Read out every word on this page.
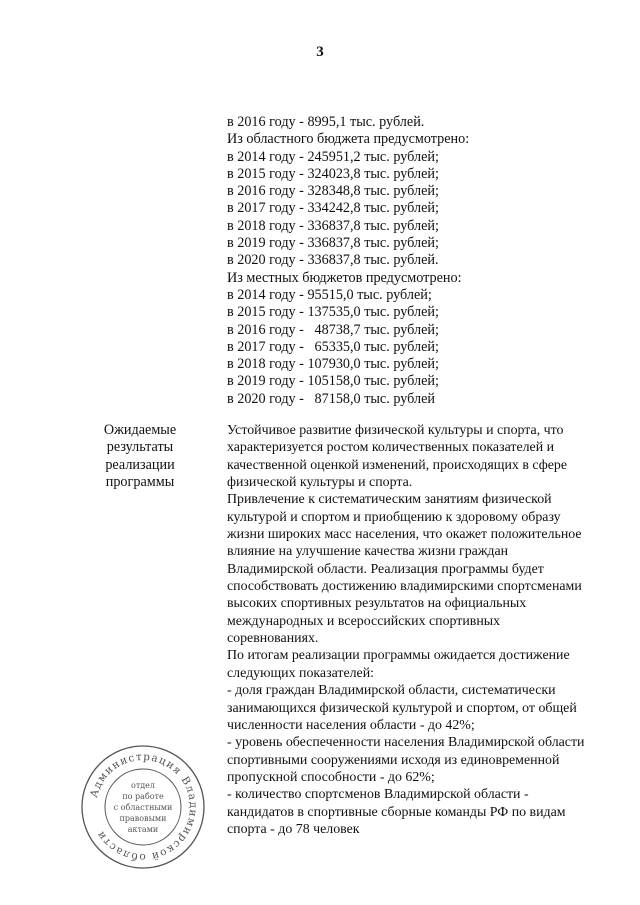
3
в 2016 году - 8995,1 тыс. рублей.
Из областного бюджета предусмотрено:
в 2014 году - 245951,2 тыс. рублей;
в 2015 году - 324023,8 тыс. рублей;
в 2016 году - 328348,8 тыс. рублей;
в 2017 году - 334242,8 тыс. рублей;
в 2018 году - 336837,8 тыс. рублей;
в 2019 году - 336837,8 тыс. рублей;
в 2020 году - 336837,8 тыс. рублей.
Из местных бюджетов предусмотрено:
в 2014 году - 95515,0 тыс. рублей;
в 2015 году - 137535,0 тыс. рублей;
в 2016 году -   48738,7 тыс. рублей;
в 2017 году -   65335,0 тыс. рублей;
в 2018 году - 107930,0 тыс. рублей;
в 2019 году - 105158,0 тыс. рублей;
в 2020 году -   87158,0 тыс. рублей
Ожидаемые
результаты
реализации
программы
Устойчивое развитие физической культуры и спорта, что
характеризуется ростом количественных показателей и
качественной оценкой изменений, происходящих в сфере
физической культуры и спорта.
Привлечение к систематическим занятиям физической
культурой и спортом и приобщению к здоровому образу
жизни широких масс населения, что окажет положительное
влияние на улучшение качества жизни граждан
Владимирской области. Реализация программы будет
способствовать достижению владимирскими спортсменами
высоких спортивных результатов на официальных
международных и всероссийских спортивных
соревнованиях.
По итогам реализации программы ожидается достижение
следующих показателей:
- доля граждан Владимирской области, систематически
занимающихся физической культурой и спортом, от общей
численности населения области - до 42%;
- уровень обеспеченности населения Владимирской области
спортивными сооружениями исходя из единовременной
пропускной способности - до 62%;
- количество спортсменов Владимирской области -
кандидатов в спортивные сборные команды РФ по видам
спорта - до 78 человек
Администрация Владимирской области
отдел
по работе
с областными
правовыми
актами
